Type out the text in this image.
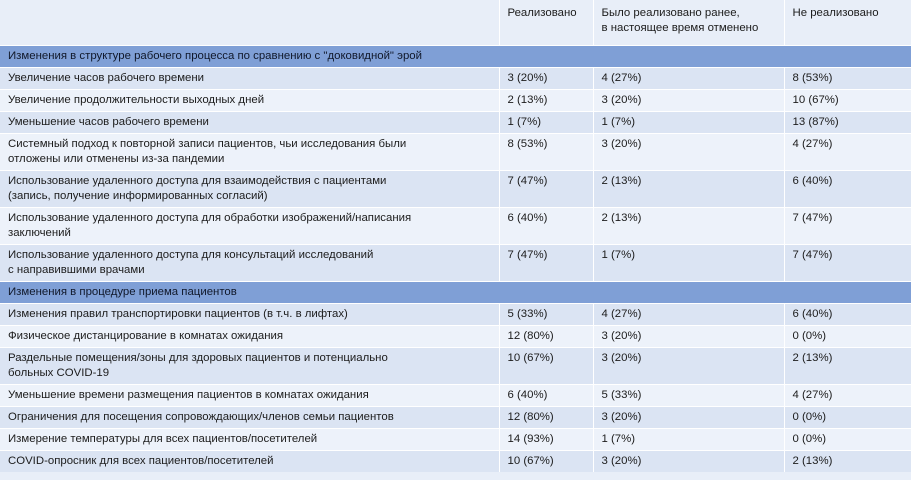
	Реализовано	Было реализовано ранее,
в настоящее время отменено	Не реализовано
Изменения в структуре рабочего процесса по сравнению с "доковидной" эрой			
Увеличение часов рабочего времени	3 (20%)	4 (27%)	8 (53%)
Увеличение продолжительности выходных дней	2 (13%)	3 (20%)	10 (67%)
Уменьшение часов рабочего времени	1 (7%)	1 (7%)	13 (87%)
Системный подход к повторной записи пациентов, чьи исследования были
отложены или отменены из-за пандемии	8 (53%)	3 (20%)	4 (27%)
Использование удаленного доступа для взаимодействия с пациентами
(запись, получение информированных согласий)	7 (47%)	2 (13%)	6 (40%)
Использование удаленного доступа для обработки изображений/написания
заключений	6 (40%)	2 (13%)	7 (47%)
Использование удаленного доступа для консультаций исследований
с направившими врачами	7 (47%)	1 (7%)	7 (47%)
Изменения в процедуре приема пациентов			
Изменения правил транспортировки пациентов (в т.ч. в лифтах)	5 (33%)	4 (27%)	6 (40%)
Физическое дистанцирование в комнатах ожидания	12 (80%)	3 (20%)	0 (0%)
Раздельные помещения/зоны для здоровых пациентов и потенциально
больных COVID-19	10 (67%)	3 (20%)	2 (13%)
Уменьшение времени размещения пациентов в комнатах ожидания	6 (40%)	5 (33%)	4 (27%)
Ограничения для посещения сопровождающих/членов семьи пациентов	12 (80%)	3 (20%)	0 (0%)
Измерение температуры для всех пациентов/посетителей	14 (93%)	1 (7%)	0 (0%)
COVID-опросник для всех пациентов/посетителей	10 (67%)	3 (20%)	2 (13%)
